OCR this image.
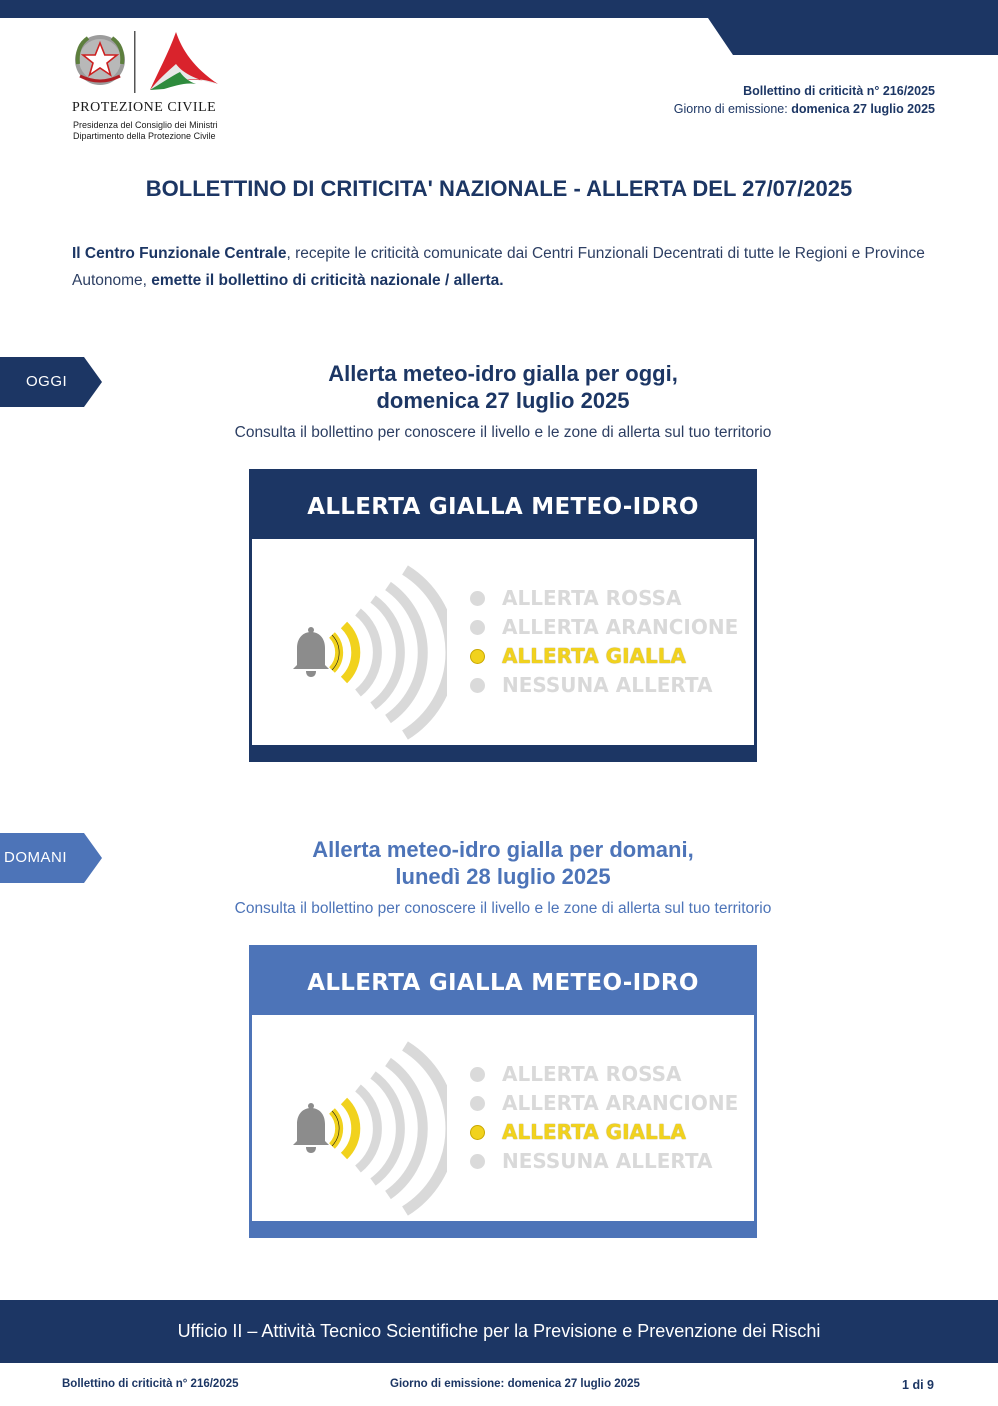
PROTEZIONE CIVILE
Presidenza del Consiglio dei Ministri
Dipartimento della Protezione Civile
Bollettino di criticità n° 216/2025
Giorno di emissione: domenica 27 luglio 2025
BOLLETTINO DI CRITICITA' NAZIONALE - ALLERTA DEL 27/07/2025
Il Centro Funzionale Centrale, recepite le criticità comunicate dai Centri Funzionali Decentrati di tutte le Regioni e Province Autonome, emette il bollettino di criticità nazionale / allerta.
OGGI	Allerta meteo-idro gialla per oggi,
domenica 27 luglio 2025
Consulta il bollettino per conoscere il livello e le zone di allerta sul tuo territorio
ALLERTA GIALLA METEO-IDRO
ALLERTA ROSSA
ALLERTA ARANCIONE
ALLERTA GIALLA
NESSUNA ALLERTA
DOMANI	Allerta meteo-idro gialla per domani,
lunedì 28 luglio 2025
Consulta il bollettino per conoscere il livello e le zone di allerta sul tuo territorio
ALLERTA GIALLA METEO-IDRO
ALLERTA ROSSA
ALLERTA ARANCIONE
ALLERTA GIALLA
NESSUNA ALLERTA
Ufficio II – Attività Tecnico Scientifiche per la Previsione e Prevenzione dei Rischi
Bollettino di criticità n° 216/2025	Giorno di emissione: domenica 27 luglio 2025	1 di 9
